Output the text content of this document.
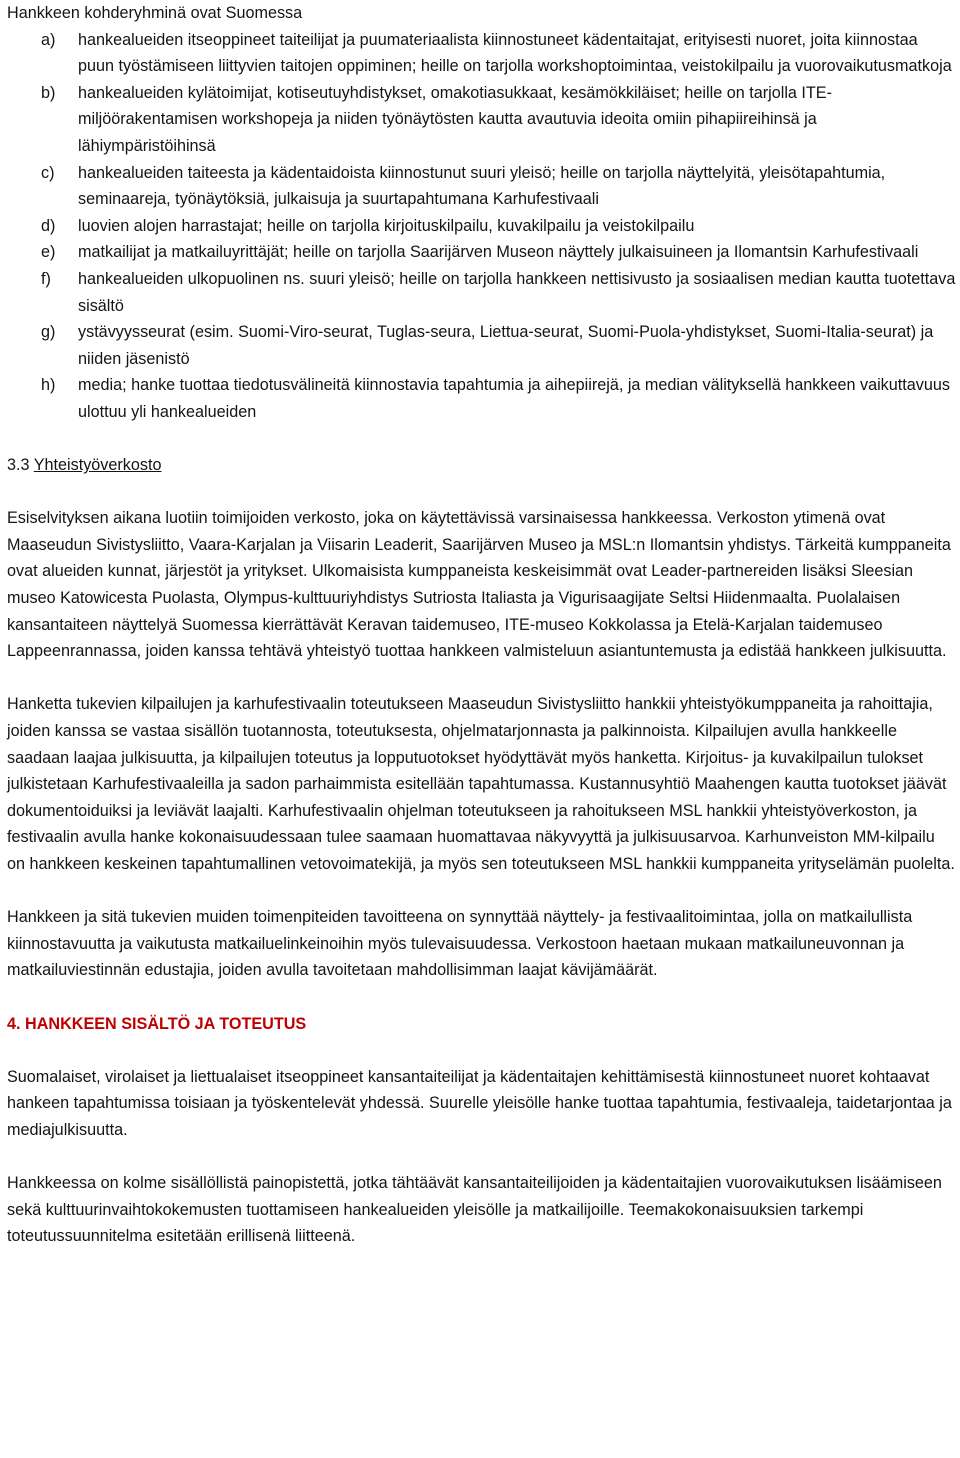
Hankkeen kohderyhminä ovat Suomessa

a) hankealueiden itseoppineet taiteilijat ja puumateriaalista kiinnostuneet kädentaitajat, erityisesti nuoret, joita kiinnostaa puun työstämiseen liittyvien taitojen oppiminen; heille on tarjolla workshoptoimintaa, veistokilpailu ja vuorovaikutusmatkoja
b) hankealueiden kylätoimijat, kotiseutuyhdistykset, omakotiasukkaat, kesämökkiläiset; heille on tarjolla ITE-miljöörakentamisen workshopeja ja niiden työnäytösten kautta avautuvia ideoita omiin pihapiireihinsä ja lähiympäristöihinsä
c) hankealueiden taiteesta ja kädentaidoista kiinnostunut suuri yleisö; heille on tarjolla näyttelyitä, yleisötapahtumia, seminaareja, työnäytöksiä, julkaisuja ja suurtapahtumana Karhufestivaali
d) luovien alojen harrastajat; heille on tarjolla kirjoituskilpailu, kuvakilpailu ja veistokilpailu
e) matkailijat ja matkailuyrittäjät; heille on tarjolla Saarijärven Museon näyttely julkaisuineen ja Ilomantsin Karhufestivaali
f) hankealueiden ulkopuolinen ns. suuri yleisö; heille on tarjolla hankkeen nettisivusto ja sosiaalisen median kautta tuotettava sisältö
g) ystävyysseurat (esim. Suomi-Viro-seurat, Tuglas-seura, Liettua-seurat, Suomi-Puola-yhdistykset, Suomi-Italia-seurat) ja niiden jäsenistö
h) media; hanke tuottaa tiedotusvälineitä kiinnostavia tapahtumia ja aihepiirejä, ja median välityksellä hankkeen vaikuttavuus ulottuu yli hankealueiden

3.3 Yhteistyöverkosto

Esiselvityksen aikana luotiin toimijoiden verkosto, joka on käytettävissä varsinaisessa hankkeessa. Verkoston ytimenä ovat Maaseudun Sivistysliitto, Vaara-Karjalan ja Viisarin Leaderit, Saarijärven Museo ja MSL:n Ilomantsin yhdistys. Tärkeitä kumppaneita ovat alueiden kunnat, järjestöt ja yritykset. Ulkomaisista kumppaneista keskeisimmät ovat Leader-partnereiden lisäksi Sleesian museo Katowicesta Puolasta, Olympus-kulttuuriyhdistys Sutriosta Italiasta ja Vigurisaagijate Seltsi Hiidenmaalta. Puolalaisen kansantaiteen näyttelyä Suomessa kierrättävät Keravan taidemuseo, ITE-museo Kokkolassa ja Etelä-Karjalan taidemuseo Lappeenrannassa, joiden kanssa tehtävä yhteistyö tuottaa hankkeen valmisteluun asiantuntemusta ja edistää hankkeen julkisuutta.

Hanketta tukevien kilpailujen ja karhufestivaalin toteutukseen Maaseudun Sivistysliitto hankkii yhteistyökumppaneita ja rahoittajia, joiden kanssa se vastaa sisällön tuotannosta, toteutuksesta, ohjelmatarjonnasta ja palkinnoista. Kilpailujen avulla hankkeelle saadaan laajaa julkisuutta, ja kilpailujen toteutus ja lopputuotokset hyödyttävät myös hanketta. Kirjoitus- ja kuvakilpailun tulokset julkistetaan Karhufestivaaleilla ja sadon parhaimmista esitellään tapahtumassa. Kustannusyhtiö Maahengen kautta tuotokset jäävät dokumentoiduiksi ja leviävät laajalti. Karhufestivaalin ohjelman toteutukseen ja rahoitukseen MSL hankkii yhteistyöverkoston, ja festivaalin avulla hanke kokonaisuudessaan tulee saamaan huomattavaa näkyvyyttä ja julkisuusarvoa. Karhunveiston MM-kilpailu on hankkeen keskeinen tapahtumallinen vetovoimatekijä, ja myös sen toteutukseen MSL hankkii kumppaneita yrityselämän puolelta.

Hankkeen ja sitä tukevien muiden toimenpiteiden tavoitteena on synnyttää näyttely- ja festivaalitoimintaa, jolla on matkailullista kiinnostavuutta ja vaikutusta matkailuelinkeinoihin myös tulevaisuudessa. Verkostoon haetaan mukaan matkailuneuvonnan ja matkailuviestinnän edustajia, joiden avulla tavoitetaan mahdollisimman laajat kävijämäärät.

4. HANKKEEN SISÄLTÖ JA TOTEUTUS

Suomalaiset, virolaiset ja liettualaiset itseoppineet kansantaiteilijat ja kädentaitajen kehittämisestä kiinnostuneet nuoret kohtaavat hankeen tapahtumissa toisiaan ja työskentelevät yhdessä. Suurelle yleisölle hanke tuottaa tapahtumia, festivaaleja, taidetarjontaa ja mediajulkisuutta.

Hankkeessa on kolme sisällöllistä painopistettä, jotka tähtäävät kansantaiteilijoiden ja kädentaitajien vuorovaikutuksen lisäämiseen sekä kulttuurinvaihtokokemusten tuottamiseen hankealueiden yleisölle ja matkailijoille. Teemakokonaisuuksien tarkempi toteutussuunnitelma esitetään erillisenä liitteenä.
